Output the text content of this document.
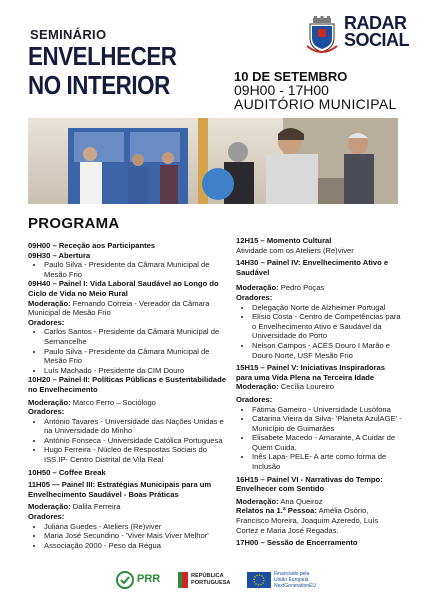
SEMINÁRIO
ENVELHECER
NO INTERIOR
RADAR
SOCIAL
10 DE SETEMBRO
09H00 - 17H00
AUDITÓRIO MUNICIPAL
PROGRAMA

09H00 – Receção aos Participantes

09H30 – Abertura

• Paulo Silva - Presidente da Câmara Municipal de Mesão Frio

09H40 – Painel I: Vida Laboral Saudável ao Longo do Ciclo de Vida no Meio Rural

Moderação: Fernando Correia - Vereador da Câmara Municipal de Mesão Frio

Oradores:

• Carlos Santos - Presidente da Câmara Municipal de Sernancelhe
• Paulo Silva - Presidente da Câmara Municipal de Mesão Frio
• Luís Machado - Presidente da CIM Douro

10H20 – Painel II: Políticas Públicas e Sustentabilidade no Envelhecimento

Moderação: Marco Ferro – Sociólogo

Oradores:

• António Tavares - Universidade das Nações Unidas e na Universidade do Minho
• António Fonseca - Universidade Católica Portuguesa
• Hugo Ferreira - Núcleo de Respostas Sociais do ISS.IP- Centro Distrital de Vila Real

10H50 – Coffee Break

11H05 — Painel III: Estratégias Municipais para um Envelhecimento Saudável - Boas Práticas

Moderação: Dalila Ferreira

Oradores:

• Juliana Guedes - Ateliers (Re)viver
• Maria José Secundino - 'Viver Mais Viver Melhor'
• Associação 2000 - Peso da Régua

12H15 – Momento Cultural

Atividade com os Ateliers (Re)viver

14H30 – Painel IV: Envelhecimento Ativo e Saudável

Moderação: Pedro Poças

Oradores:

• Delegação Norte de Alzheimer Portugal
• Elísio Costa - Centro de Competências para o Envelhecimento Ativo e Saudável da Universidade do Porto
• Nelson Campos - ACES Douro I Marão e Douro Norte, USF Mesão Frio

15H15 – Painel V: Iniciativas Inspiradoras para uma Vida Plena na Terceira Idade

Moderação: Cecília Loureiro

Oradores:

• Fátima Gameiro - Universidade Lusófona
• Catarina Vieira da Silva- 'Planeta AzulAGE' - Município de Guimarães
• Elisabete Macedo - Amarante, A Cuidar de Quem Cuida.
• Inês Lapa- PELE- A arte como forma de Inclusão

16H15 – Painel VI - Narrativas do Tempo: Envelhecer com Sentido

Moderação: Ana Queiroz

Relatos na 1.ª Pessoa: Amélia Osório, Francisco Moreira, Joaquim Azeredo, Luís Cortez e Maria José Regadas.

17H00 – Sessão de Encerramento

PRR	REPÚBLICA
PORTUGUESA
Financiado pela
União Europeia
NextGenerationEU
